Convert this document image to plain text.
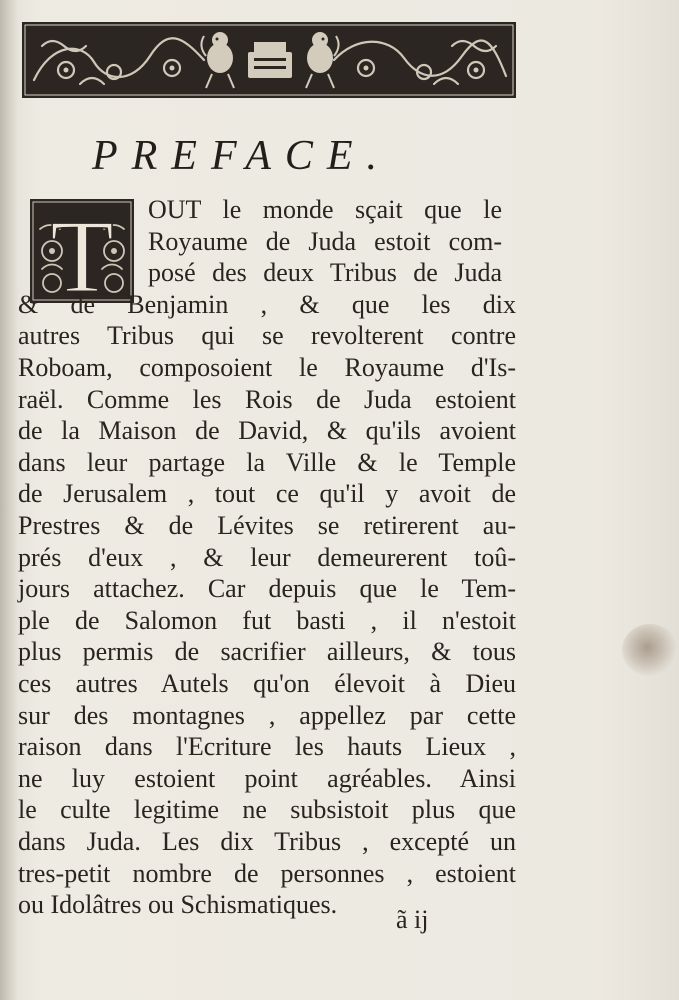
PREFACE.
T OUT le monde sçait que le
Royaume de Juda estoit com-
posé des deux Tribus de Juda
& de Benjamin , & que les dix
autres Tribus qui se revolterent contre
Roboam, composoient le Royaume d'Is-
raël. Comme les Rois de Juda estoient
de la Maison de David, & qu'ils avoient
dans leur partage la Ville & le Temple
de Jerusalem , tout ce qu'il y avoit de
Prestres & de Lévites se retirerent au-
prés d'eux , & leur demeurerent toû-
jours attachez. Car depuis que le Tem-
ple de Salomon fut basti , il n'estoit
plus permis de sacrifier ailleurs, & tous
ces autres Autels qu'on élevoit à Dieu
sur des montagnes , appellez par cette
raison dans l'Ecriture les hauts Lieux ,
ne luy estoient point agréables. Ainsi
le culte legitime ne subsistoit plus que
dans Juda. Les dix Tribus , excepté un
tres-petit nombre de personnes , estoient
ou Idolâtres ou Schismatiques.
ã ij
